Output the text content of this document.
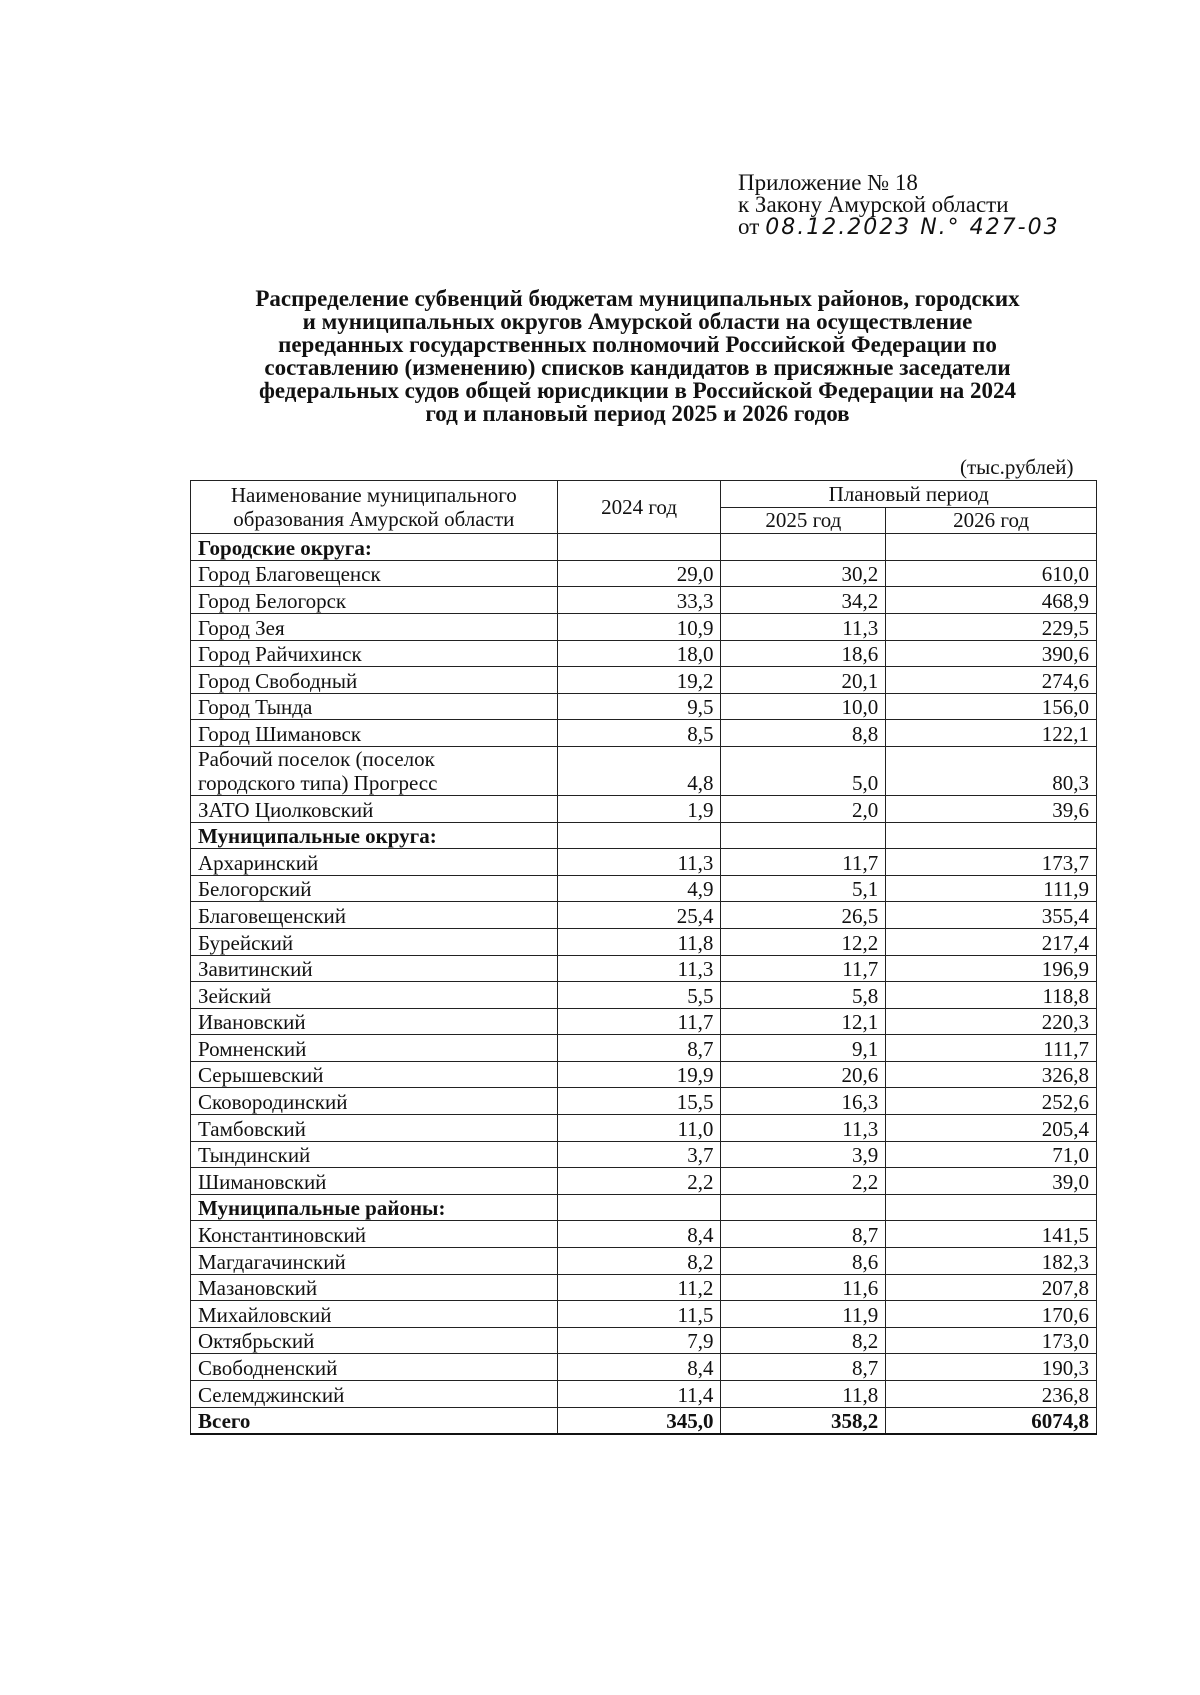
Приложение № 18
к Закону Амурской области
от 08.12.2023 N.° 427-03
Распределение субвенций бюджетам муниципальных районов, городских
и муниципальных округов Амурской области на осуществление
переданных государственных полномочий Российской Федерации по
составлению (изменению) списков кандидатов в присяжные заседатели
федеральных судов общей юрисдикции в Российской Федерации на 2024
год и плановый период 2025 и 2026 годов
(тыс.рублей)
Наименование муниципального
образования Амурской области	2024 год	Плановый период	
		2025 год	2026 год
Городские округа:			
Город Благовещенск	29,0	30,2	610,0
Город Белогорск	33,3	34,2	468,9
Город Зея	10,9	11,3	229,5
Город Райчихинск	18,0	18,6	390,6
Город Свободный	19,2	20,1	274,6
Город Тында	9,5	10,0	156,0
Город Шимановск	8,5	8,8	122,1

Рабочий поселок (поселок
городского типа) Прогресс	4,8	5,0	80,3
ЗАТО Циолковский	1,9	2,0	39,6
Муниципальные округа:			
Архаринский	11,3	11,7	173,7
Белогорский	4,9	5,1	111,9
Благовещенский	25,4	26,5	355,4
Бурейский	11,8	12,2	217,4
Завитинский	11,3	11,7	196,9
Зейский	5,5	5,8	118,8
Ивановский	11,7	12,1	220,3
Ромненский	8,7	9,1	111,7
Серышевский	19,9	20,6	326,8
Сковородинский	15,5	16,3	252,6
Тамбовский	11,0	11,3	205,4
Тындинский	3,7	3,9	71,0
Шимановский	2,2	2,2	39,0
Муниципальные районы:			
Константиновский	8,4	8,7	141,5
Магдагачинский	8,2	8,6	182,3
Мазановский	11,2	11,6	207,8
Михайловский	11,5	11,9	170,6
Октябрьский	7,9	8,2	173,0
Свободненский	8,4	8,7	190,3
Селемджинский	11,4	11,8	236,8
Всего	345,0	358,2	6074,8
